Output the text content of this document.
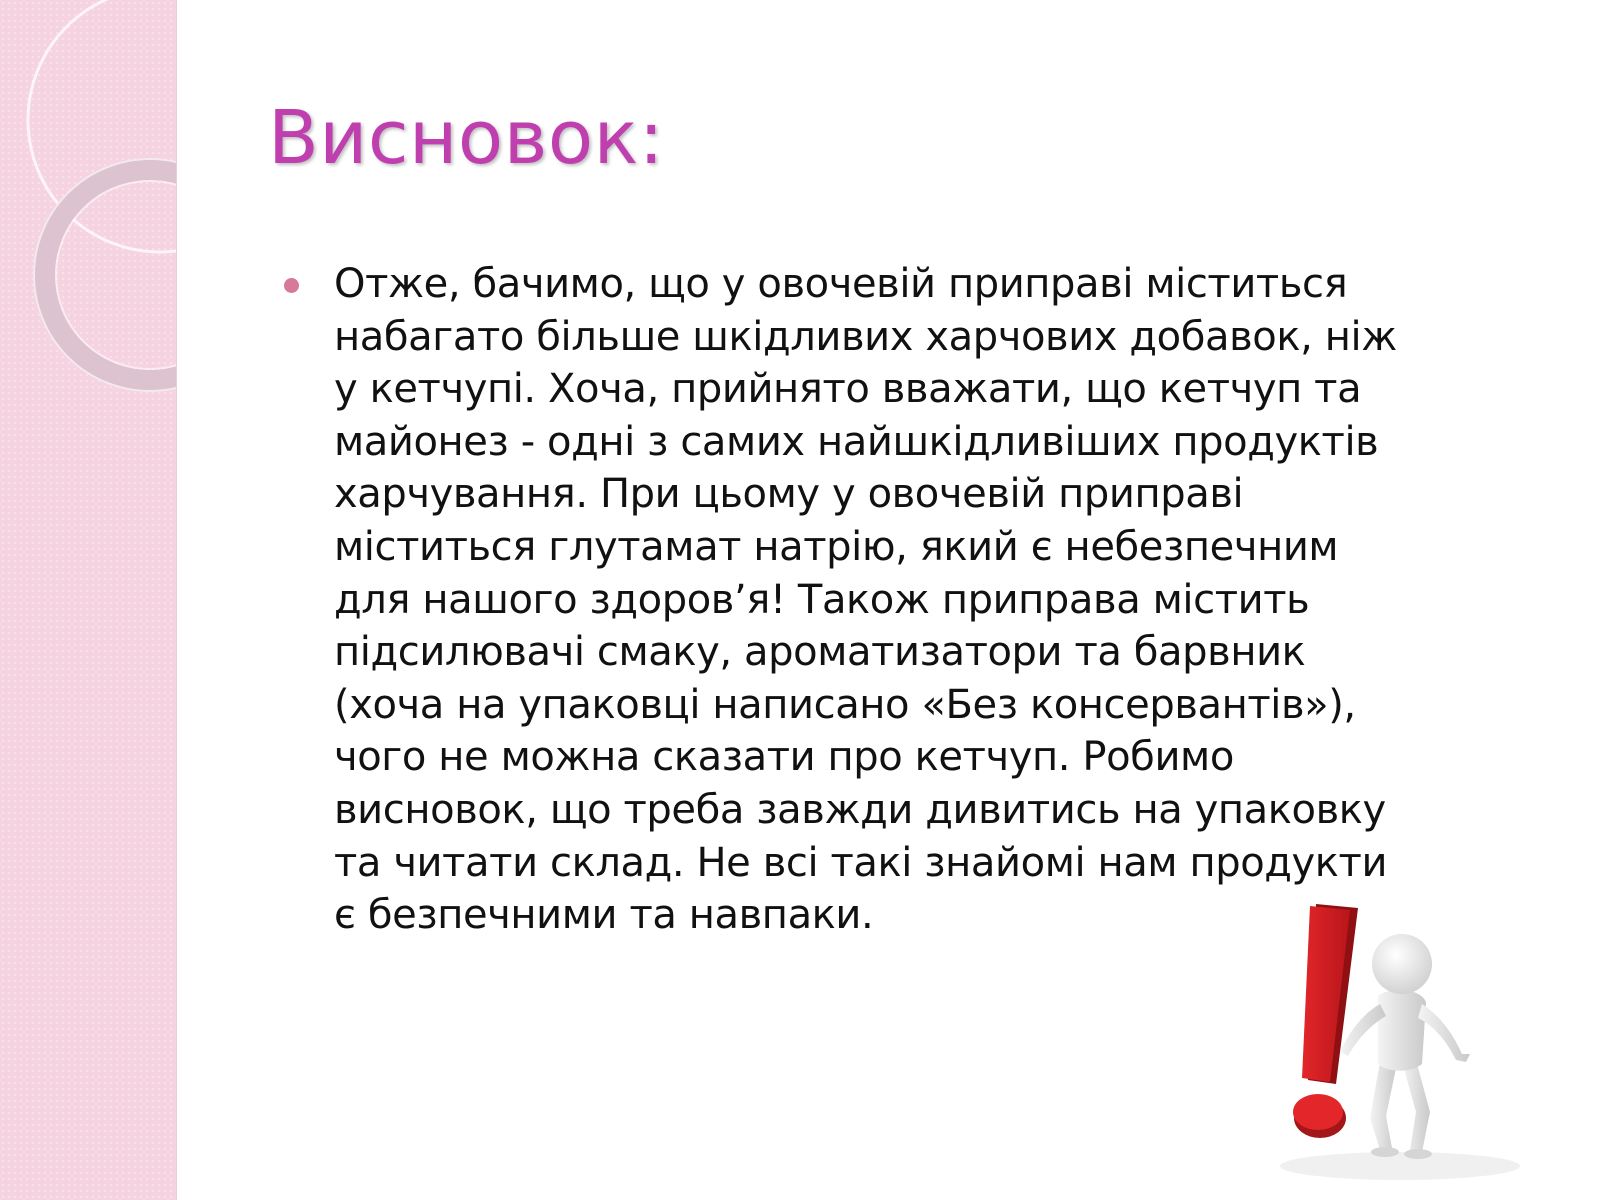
Висновок:

Отже, бачимо, що у овочевій приправі міститься
набагато більше шкідливих харчових добавок, ніж
у кетчупі. Хоча, прийнято вважати, що кетчуп та
майонез - одні з самих найшкідливіших продуктів
харчування. При цьому у овочевій приправі
міститься глутамат натрію, який є небезпечним
для нашого здоров’я! Також приправа містить
підсилювачі смаку, ароматизатори та барвник
(хоча на упаковці написано «Без консервантів»),
чого не можна сказати про кетчуп. Робимо
висновок, що треба завжди дивитись на упаковку
та читати склад. Не всі такі знайомі нам продукти
є безпечними та навпаки.
